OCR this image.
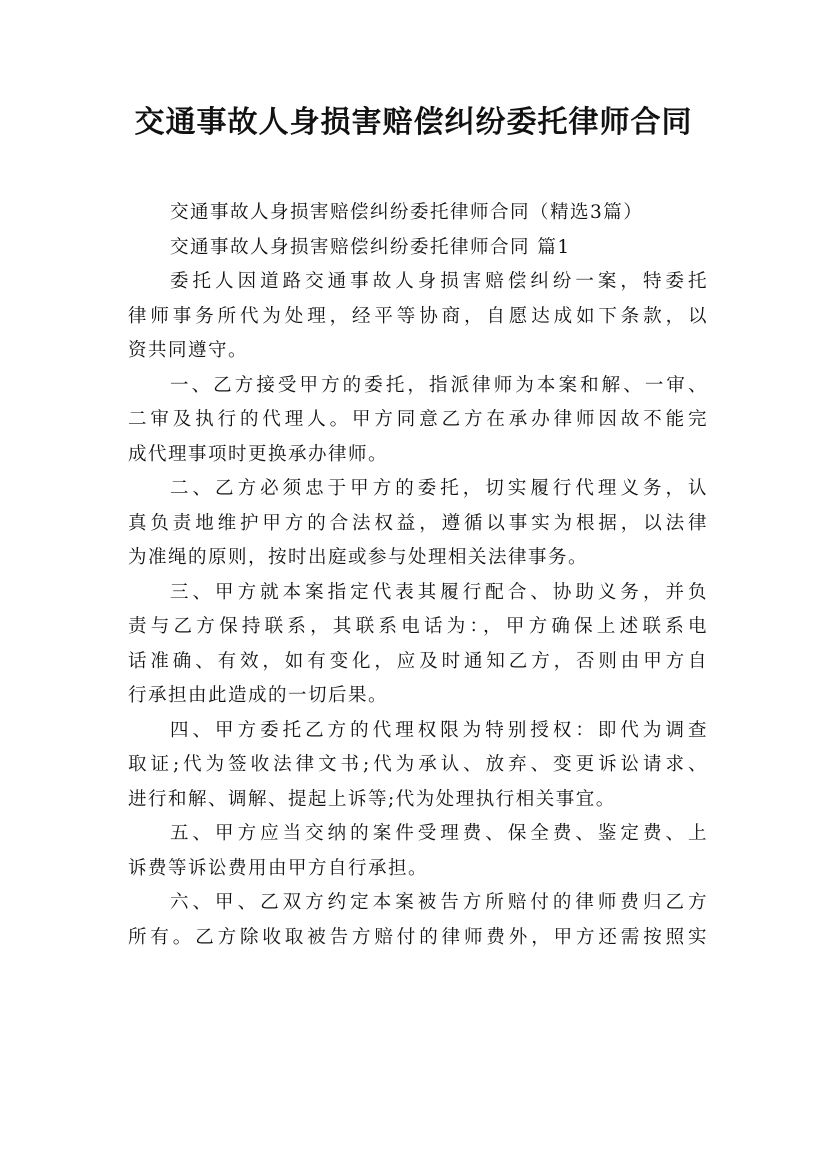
交通事故人身损害赔偿纠纷委托律师合同
交通事故人身损害赔偿纠纷委托律师合同（精选3篇）
交通事故人身损害赔偿纠纷委托律师合同 篇1
委托人因道路交通事故人身损害赔偿纠纷一案，特委托
律师事务所代为处理，经平等协商，自愿达成如下条款，以
资共同遵守。
一、乙方接受甲方的委托，指派律师为本案和解、一审、
二审及执行的代理人。甲方同意乙方在承办律师因故不能完
成代理事项时更换承办律师。
二、乙方必须忠于甲方的委托，切实履行代理义务，认
真负责地维护甲方的合法权益，遵循以事实为根据，以法律
为准绳的原则，按时出庭或参与处理相关法律事务。
三、甲方就本案指定代表其履行配合、协助义务，并负
责与乙方保持联系，其联系电话为：，甲方确保上述联系电
话准确、有效，如有变化，应及时通知乙方，否则由甲方自
行承担由此造成的一切后果。
四、甲方委托乙方的代理权限为特别授权：即代为调查
取证;代为签收法律文书;代为承认、放弃、变更诉讼请求、
进行和解、调解、提起上诉等;代为处理执行相关事宜。
五、甲方应当交纳的案件受理费、保全费、鉴定费、上
诉费等诉讼费用由甲方自行承担。
六、甲、乙双方约定本案被告方所赔付的律师费归乙方
所有。乙方除收取被告方赔付的律师费外，甲方还需按照实
